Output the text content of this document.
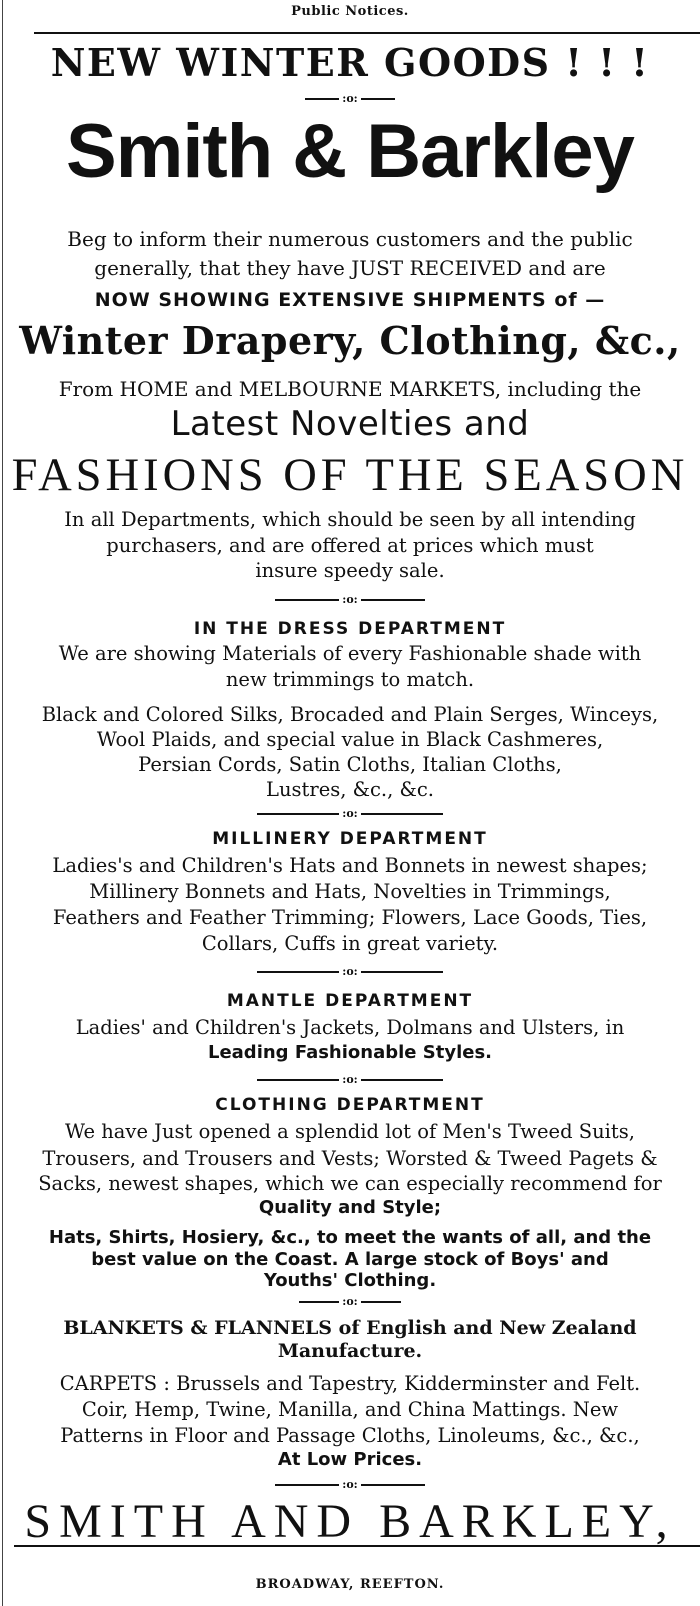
Public Notices.
NEW WINTER GOODS ! ! !
:o:
Smith & Barkley
Beg to inform their numerous customers and the public
generally, that they have JUST RECEIVED and are
NOW SHOWING EXTENSIVE SHIPMENTS of —
Winter Drapery, Clothing, &c.,
From HOME and MELBOURNE MARKETS, including the
Latest Novelties and
FASHIONS OF THE SEASON
In all Departments, which should be seen by all intending
purchasers, and are offered at prices which must
insure speedy sale.
:o:
IN THE DRESS DEPARTMENT
We are showing Materials of every Fashionable shade with
new trimmings to match.
Black and Colored Silks, Brocaded and Plain Serges, Winceys,
Wool Plaids, and special value in Black Cashmeres,
Persian Cords, Satin Cloths, Italian Cloths,
Lustres, &c., &c.
:o:
MILLINERY DEPARTMENT
Ladies's and Children's Hats and Bonnets in newest shapes;
Millinery Bonnets and Hats, Novelties in Trimmings,
Feathers and Feather Trimming; Flowers, Lace Goods, Ties,
Collars, Cuffs in great variety.
:o:
MANTLE DEPARTMENT
Ladies' and Children's Jackets, Dolmans and Ulsters, in
Leading Fashionable Styles.
:o:
CLOTHING DEPARTMENT
We have Just opened a splendid lot of Men's Tweed Suits,
Trousers, and Trousers and Vests; Worsted & Tweed Pagets &
Sacks, newest shapes, which we can especially recommend for
Quality and Style;
Hats, Shirts, Hosiery, &c., to meet the wants of all, and the
best value on the Coast. A large stock of Boys' and
Youths' Clothing.
:o:
BLANKETS & FLANNELS of English and New Zealand
Manufacture.
CARPETS : Brussels and Tapestry, Kidderminster and Felt.
Coir, Hemp, Twine, Manilla, and China Mattings. New
Patterns in Floor and Passage Cloths, Linoleums, &c., &c.,
At Low Prices.
:o:
SMITH AND BARKLEY,
BROADWAY, REEFTON.
